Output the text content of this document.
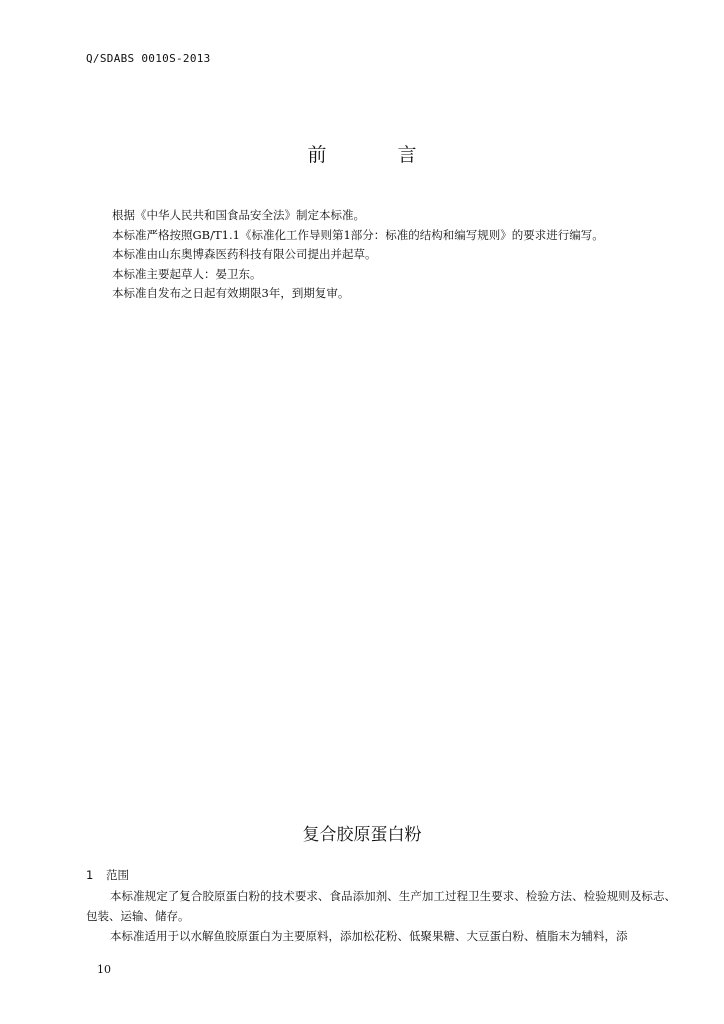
Q/SDABS 0010S-2013
前　言
根据《中华人民共和国食品安全法》制定本标准。
本标准严格按照GB/T1.1《标准化工作导则第1部分：标准的结构和编写规则》的要求进行编写。
本标准由山东奥博森医药科技有限公司提出并起草。
本标准主要起草人：晏卫东。
本标准自发布之日起有效期限3年，到期复审。
复合胶原蛋白粉
1 范围
本标准规定了复合胶原蛋白粉的技术要求、食品添加剂、生产加工过程卫生要求、检验方法、检验规则及标志、包装、运输、储存。
本标准适用于以水解鱼胶原蛋白为主要原料，添加松花粉、低聚果糖、大豆蛋白粉、植脂末为辅料，添
10
